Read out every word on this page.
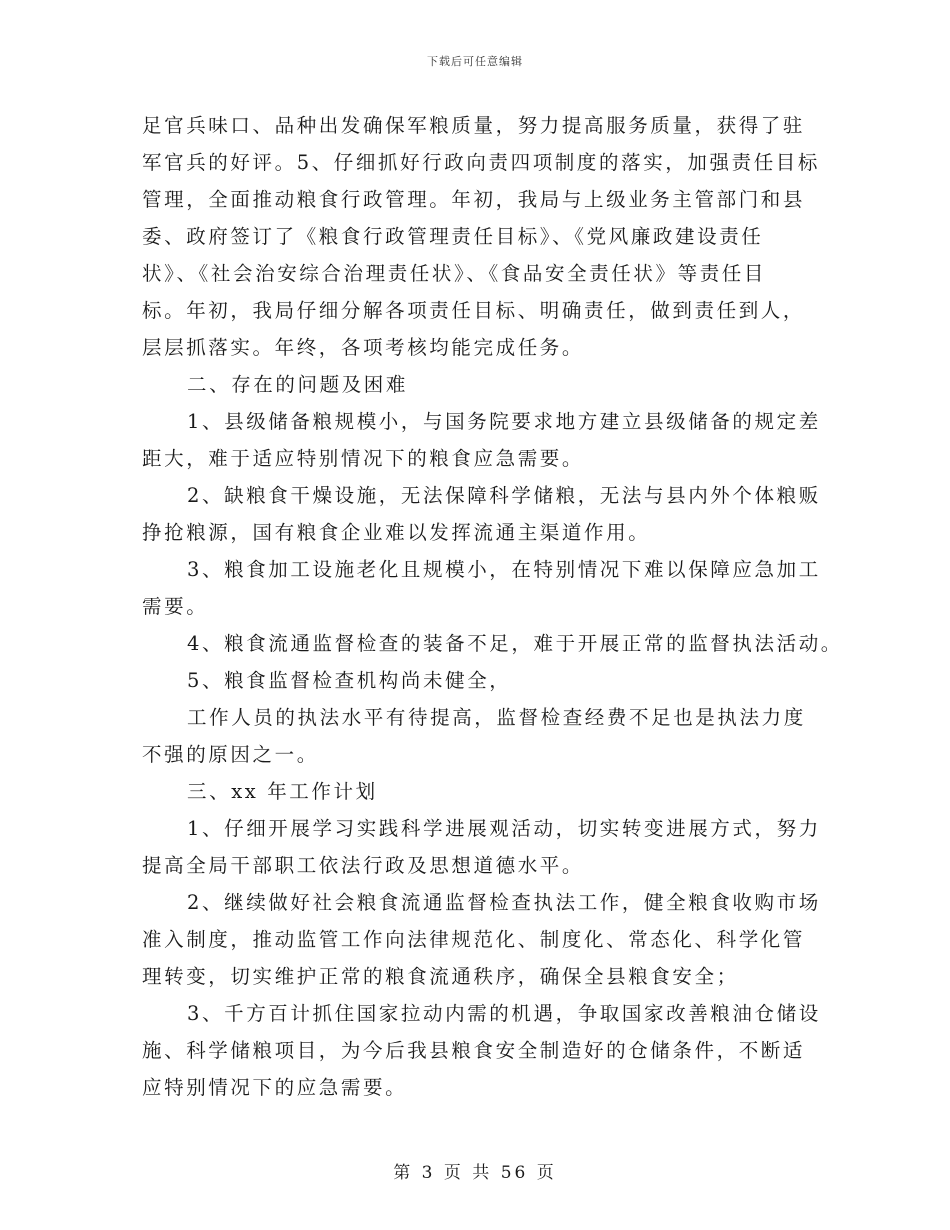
下载后可任意编辑
足官兵味口、品种出发确保军粮质量，努力提高服务质量，获得了驻
军官兵的好评。5、仔细抓好行政向责四项制度的落实，加强责任目标
管理，全面推动粮食行政管理。年初，我局与上级业务主管部门和县
委、政府签订了《粮食行政管理责任目标》、《党风廉政建设责任
状》、《社会治安综合治理责任状》、《食品安全责任状》等责任目
标。年初，我局仔细分解各项责任目标、明确责任，做到责任到人，
层层抓落实。年终，各项考核均能完成任务。
二、存在的问题及困难
1、县级储备粮规模小，与国务院要求地方建立县级储备的规定差
距大，难于适应特别情况下的粮食应急需要。
2、缺粮食干燥设施，无法保障科学储粮，无法与县内外个体粮贩
挣抢粮源，国有粮食企业难以发挥流通主渠道作用。
3、粮食加工设施老化且规模小，在特别情况下难以保障应急加工
需要。
4、粮食流通监督检查的装备不足，难于开展正常的监督执法活动。
5、粮食监督检查机构尚未健全，
工作人员的执法水平有待提高，监督检查经费不足也是执法力度
不强的原因之一。
三、xx 年工作计划
1、仔细开展学习实践科学进展观活动，切实转变进展方式，努力
提高全局干部职工依法行政及思想道德水平。
2、继续做好社会粮食流通监督检查执法工作，健全粮食收购市场
准入制度，推动监管工作向法律规范化、制度化、常态化、科学化管
理转变，切实维护正常的粮食流通秩序，确保全县粮食安全；
3、千方百计抓住国家拉动内需的机遇，争取国家改善粮油仓储设
施、科学储粮项目，为今后我县粮食安全制造好的仓储条件，不断适
应特别情况下的应急需要。
第 3 页 共 56 页
